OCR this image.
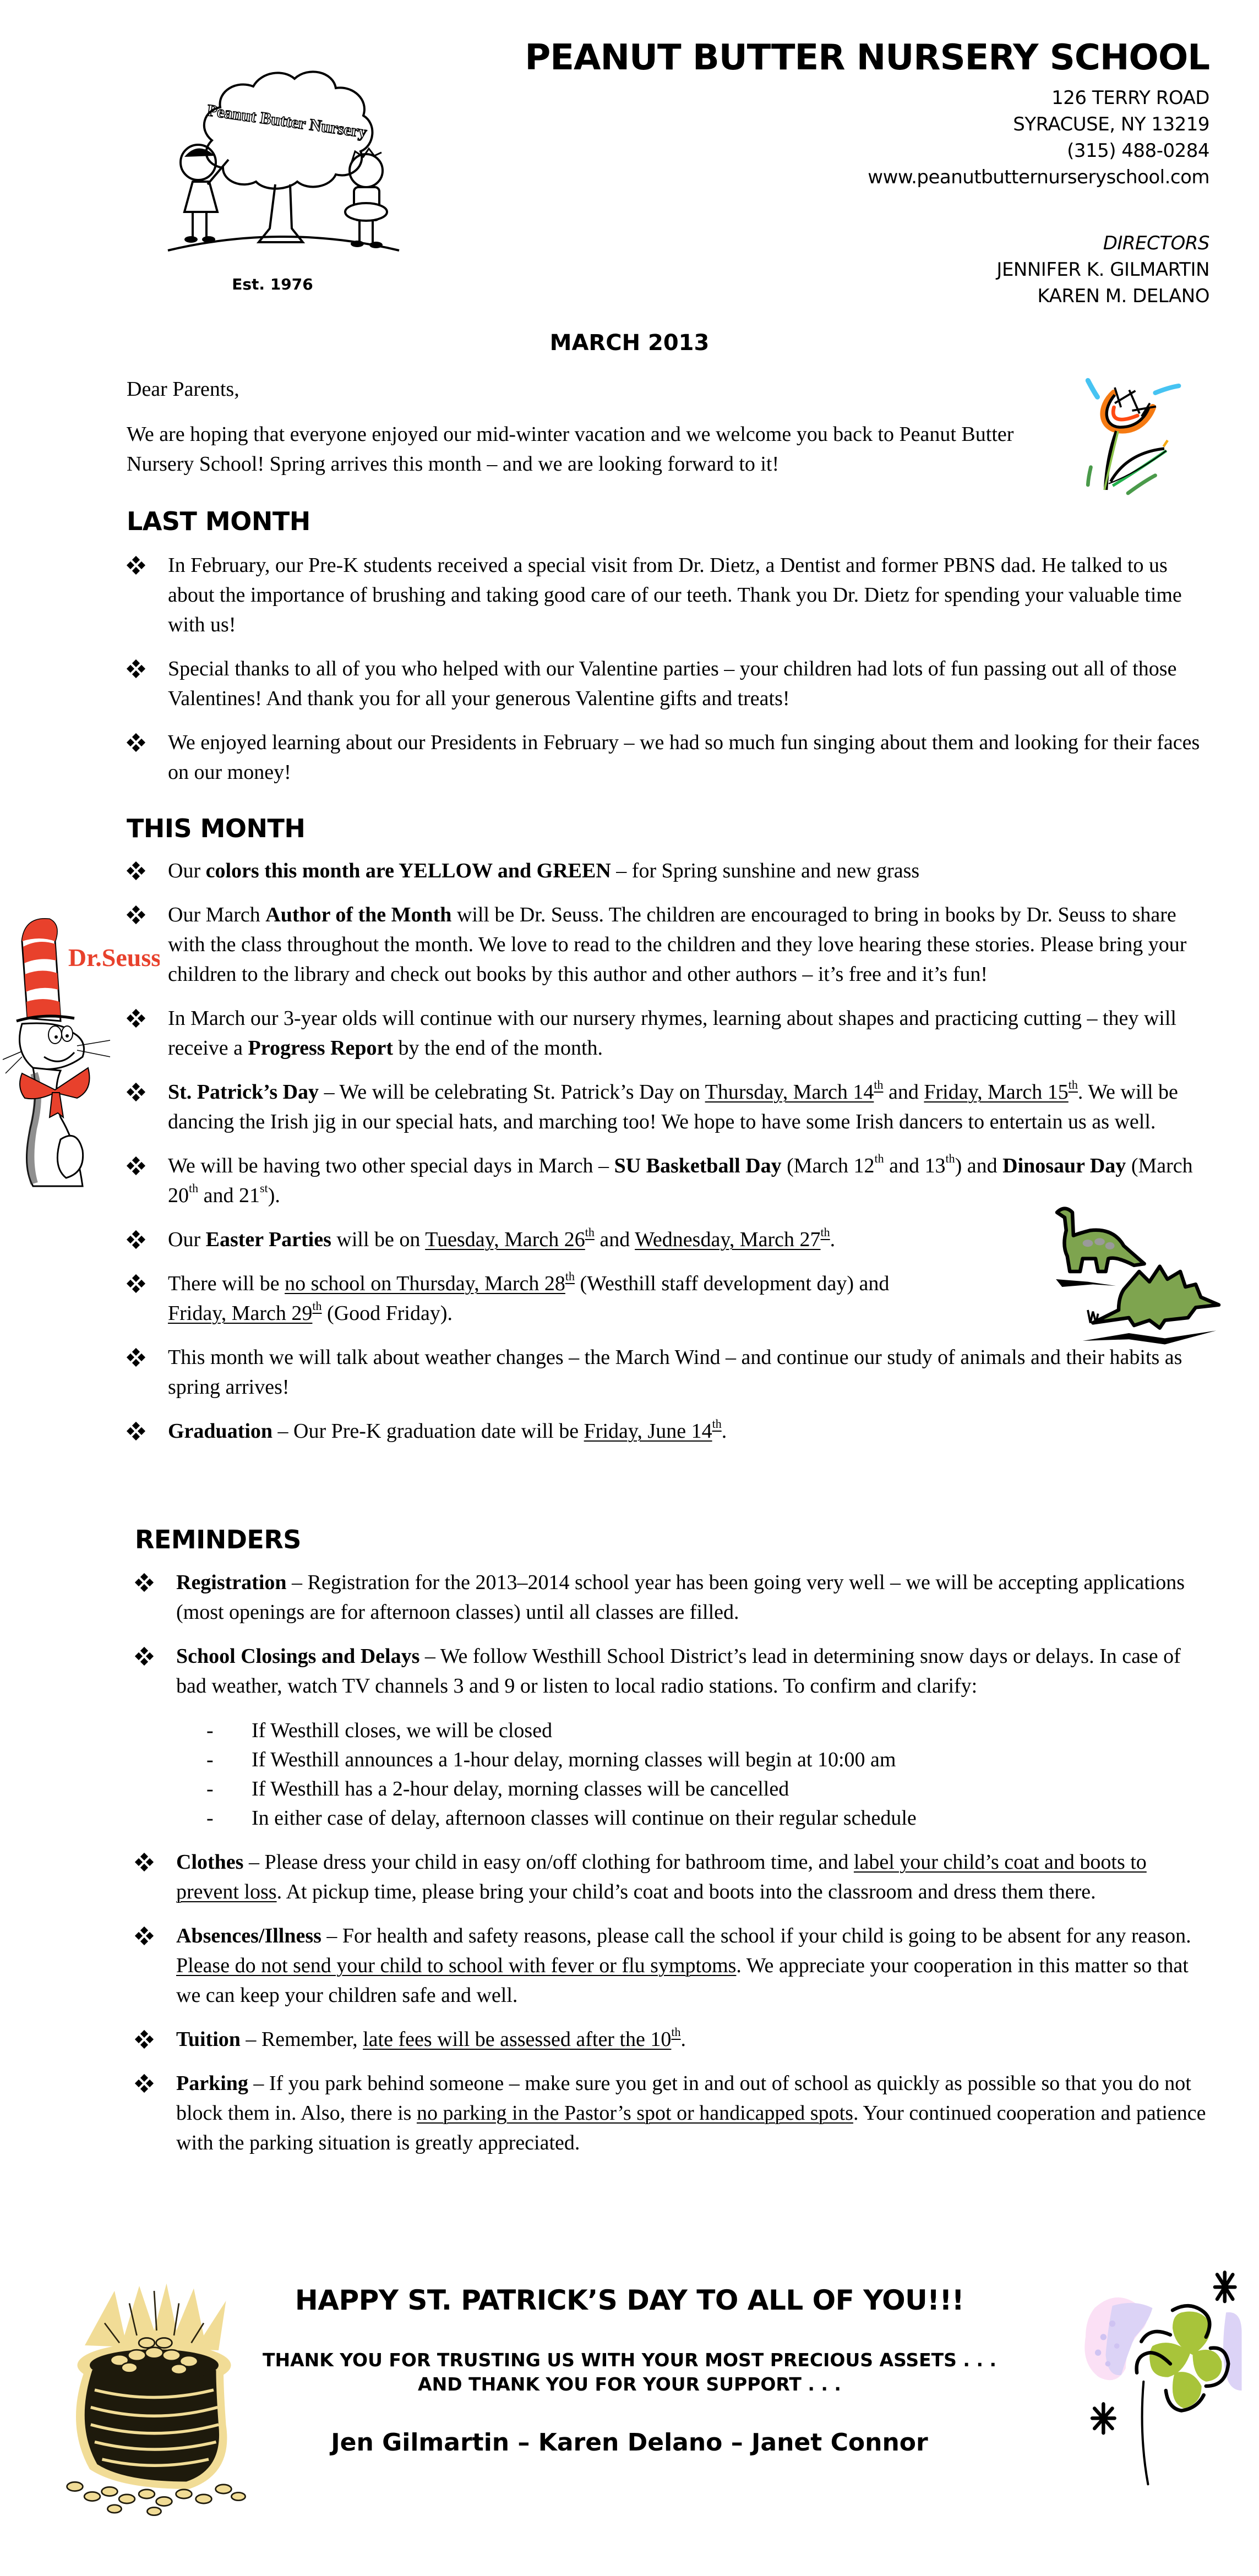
Peanut Butter Nursery
Est. 1976
PEANUT BUTTER NURSERY SCHOOL
126 TERRY ROAD
SYRACUSE, NY 13219
(315) 488-0284
www.peanutbutternurseryschool.com
DIRECTORS
JENNIFER K. GILMARTIN
KAREN M. DELANO
MARCH 2013
Dear Parents,
We are hoping that everyone enjoyed our mid-winter vacation and we welcome you back to Peanut Butter Nursery School! Spring arrives this month – and we are looking forward to it!
LAST MONTH
In February, our Pre-K students received a special visit from Dr. Dietz, a Dentist and former PBNS dad. He talked to us about the importance of brushing and taking good care of our teeth. Thank you Dr. Dietz for spending your valuable time with us!
Special thanks to all of you who helped with our Valentine parties – your children had lots of fun passing out all of those Valentines! And thank you for all your generous Valentine gifts and treats!
We enjoyed learning about our Presidents in February – we had so much fun singing about them and looking for their faces on our money!
THIS MONTH
Our colors this month are YELLOW and GREEN – for Spring sunshine and new grass
Our March Author of the Month will be Dr. Seuss. The children are encouraged to bring in books by Dr. Seuss to share with the class throughout the month. We love to read to the children and they love hearing these stories. Please bring your children to the library and check out books by this author and other authors – it’s free and it’s fun!
In March our 3-year olds will continue with our nursery rhymes, learning about shapes and practicing cutting – they will receive a Progress Report by the end of the month.
St. Patrick’s Day – We will be celebrating St. Patrick’s Day on Thursday, March 14th and Friday, March 15th. We will be dancing the Irish jig in our special hats, and marching too! We hope to have some Irish dancers to entertain us as well.
We will be having two other special days in March – SU Basketball Day (March 12th and 13th) and Dinosaur Day (March 20th and 21st).
Our Easter Parties will be on Tuesday, March 26th and Wednesday, March 27th.
There will be no school on Thursday, March 28th (Westhill staff development day) and
Friday, March 29th (Good Friday).
This month we will talk about weather changes – the March Wind – and continue our study of animals and their habits as spring arrives!
Graduation – Our Pre-K graduation date will be Friday, June 14th.
Dr.Seuss
REMINDERS
Registration – Registration for the 2013–2014 school year has been going very well – we will be accepting applications (most openings are for afternoon classes) until all classes are filled.
School Closings and Delays – We follow Westhill School District’s lead in determining snow days or delays. In case of bad weather, watch TV channels 3 and 9 or listen to local radio stations. To confirm and clarify:
- If Westhill closes, we will be closed
- If Westhill announces a 1-hour delay, morning classes will begin at 10:00 am
- If Westhill has a 2-hour delay, morning classes will be cancelled
- In either case of delay, afternoon classes will continue on their regular schedule
Clothes – Please dress your child in easy on/off clothing for bathroom time, and label your child’s coat and boots to prevent loss. At pickup time, please bring your child’s coat and boots into the classroom and dress them there.
Absences/Illness – For health and safety reasons, please call the school if your child is going to be absent for any reason. Please do not send your child to school with fever or flu symptoms. We appreciate your cooperation in this matter so that we can keep your children safe and well.
Tuition – Remember, late fees will be assessed after the 10th.
Parking – If you park behind someone – make sure you get in and out of school as quickly as possible so that you do not block them in. Also, there is no parking in the Pastor’s spot or handicapped spots. Your continued cooperation and patience with the parking situation is greatly appreciated.
HAPPY ST. PATRICK’S DAY TO ALL OF YOU!!!
THANK YOU FOR TRUSTING US WITH YOUR MOST PRECIOUS ASSETS . . .
AND THANK YOU FOR YOUR SUPPORT . . .
Jen Gilmartin – Karen Delano – Janet Connor
